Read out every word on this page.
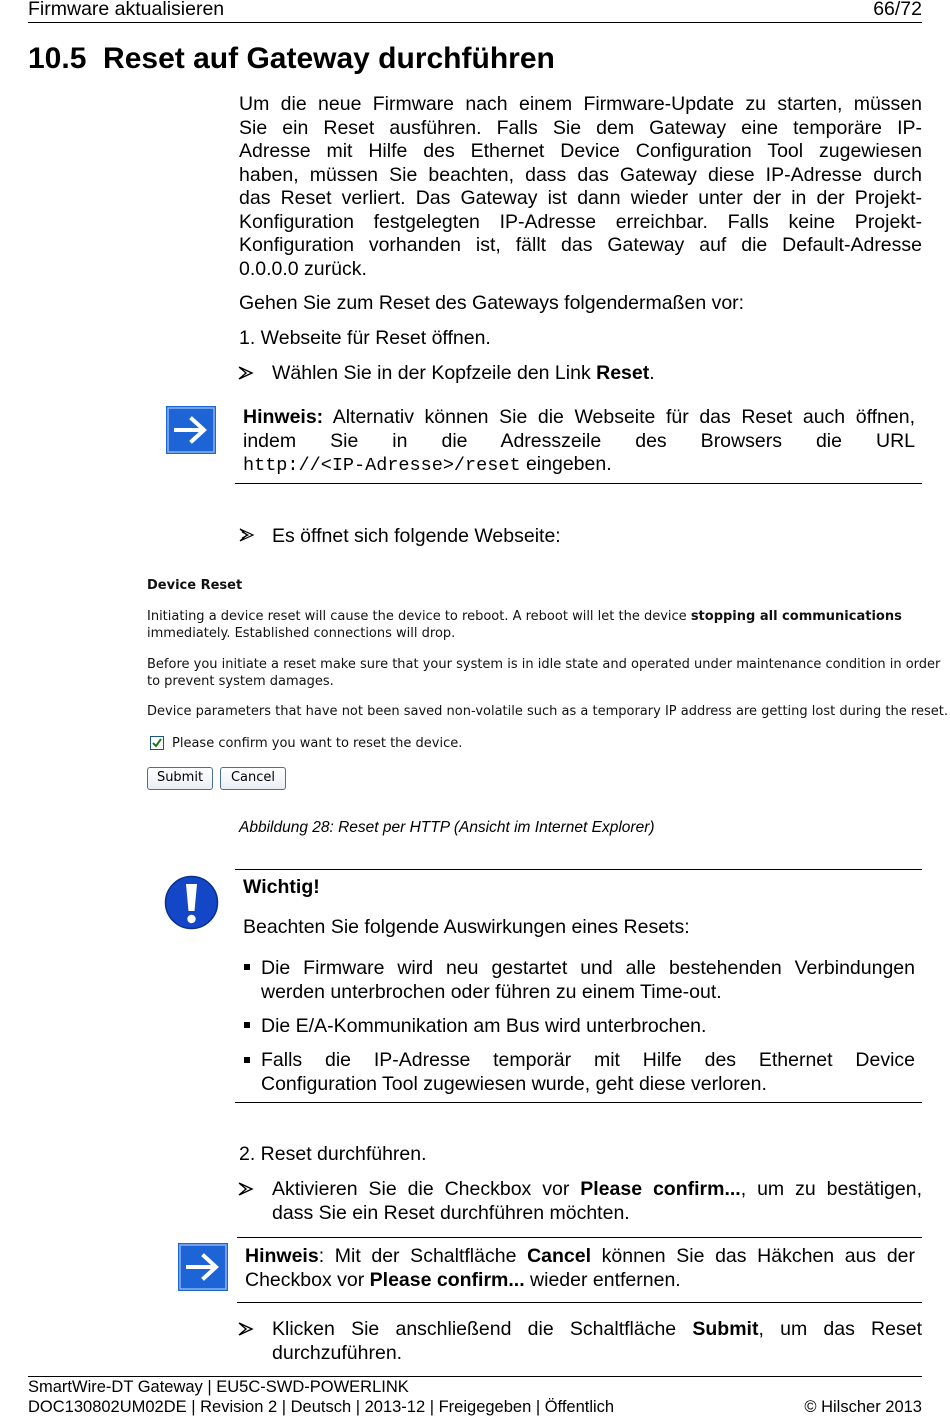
Firmware aktualisieren	66/72
10.5  Reset auf Gateway durchführen
Um die neue Firmware nach einem Firmware-Update zu starten, müssen
Sie ein Reset ausführen. Falls Sie dem Gateway eine temporäre IP-
Adresse mit Hilfe des Ethernet Device Configuration Tool zugewiesen
haben, müssen Sie beachten, dass das Gateway diese IP-Adresse durch
das Reset verliert. Das Gateway ist dann wieder unter der in der Projekt-
Konfiguration festgelegten IP-Adresse erreichbar. Falls keine Projekt-
Konfiguration vorhanden ist, fällt das Gateway auf die Default-Adresse
0.0.0.0 zurück.
Gehen Sie zum Reset des Gateways folgendermaßen vor:
1. Webseite für Reset öffnen.
Wählen Sie in der Kopfzeile den Link Reset.
Hinweis: Alternativ können Sie die Webseite für das Reset auch öffnen,
indem Sie in die Adresszeile des Browsers die URL
http://<IP-Adresse>/reset eingeben.
Es öffnet sich folgende Webseite:
Device Reset
Initiating a device reset will cause the device to reboot. A reboot will let the device stopping all communications
immediately. Established connections will drop.
Before you initiate a reset make sure that your system is in idle state and operated under maintenance condition in order
to prevent system damages.
Device parameters that have not been saved non-volatile such as a temporary IP address are getting lost during the reset.
Please confirm you want to reset the device.
Submit	Cancel
Abbildung 28: Reset per HTTP (Ansicht im Internet Explorer)
Wichtig!
Beachten Sie folgende Auswirkungen eines Resets:
Die Firmware wird neu gestartet und alle bestehenden Verbindungen
werden unterbrochen oder führen zu einem Time-out.
Die E/A-Kommunikation am Bus wird unterbrochen.
Falls die IP-Adresse temporär mit Hilfe des Ethernet Device
Configuration Tool zugewiesen wurde, geht diese verloren.
2. Reset durchführen.
Aktivieren Sie die Checkbox vor Please confirm..., um zu bestätigen,
dass Sie ein Reset durchführen möchten.
Hinweis: Mit der Schaltfläche Cancel können Sie das Häkchen aus der
Checkbox vor Please confirm... wieder entfernen.
Klicken Sie anschließend die Schaltfläche Submit, um das Reset
durchzuführen.
SmartWire-DT Gateway | EU5C-SWD-POWERLINK
DOC130802UM02DE | Revision 2 | Deutsch | 2013-12 | Freigegeben | Öffentlich	© Hilscher 2013
